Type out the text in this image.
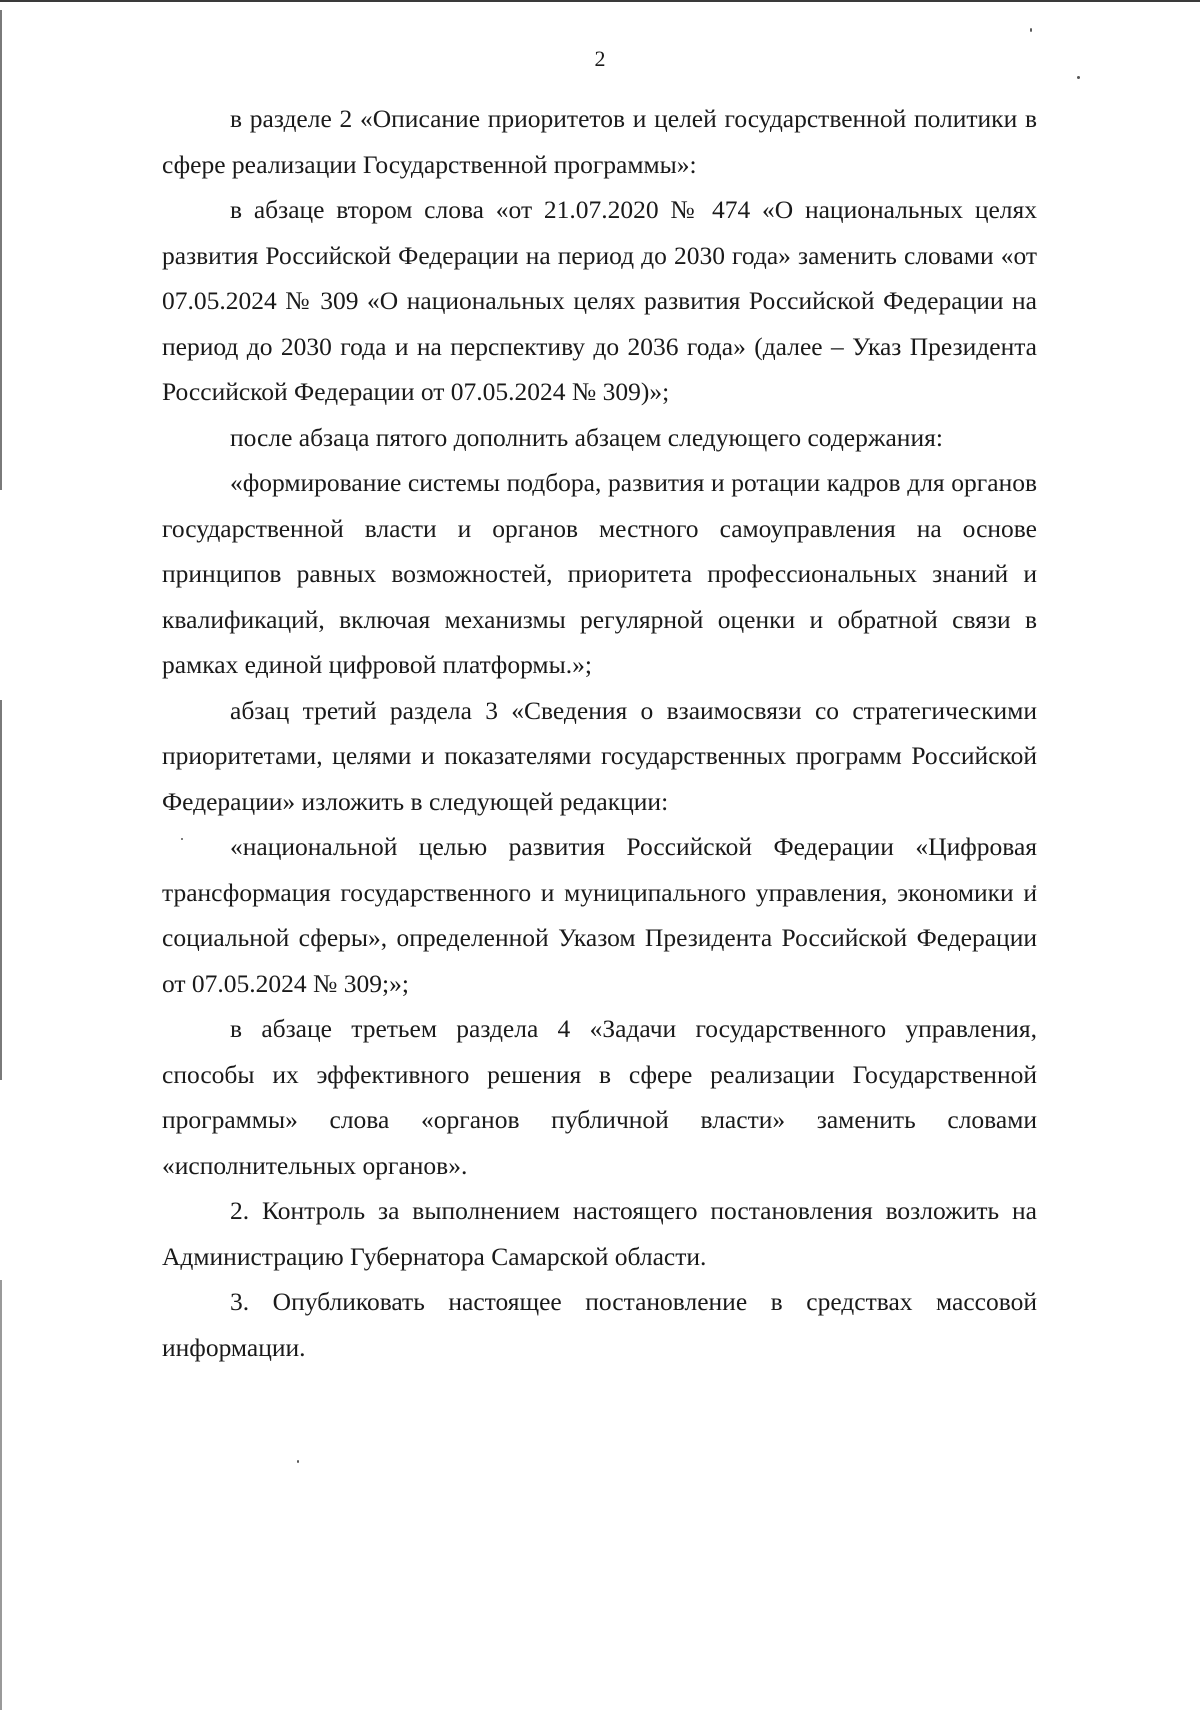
2

в разделе 2 «Описание приоритетов и целей государственной политики в сфере реализации Государственной программы»:

в абзаце втором слова «от 21.07.2020 № 474 «О национальных целях развития Российской Федерации на период до 2030 года» заменить словами «от 07.05.2024 № 309 «О национальных целях развития Российской Федерации на период до 2030 года и на перспективу до 2036 года» (далее – Указ Президента Российской Федерации от 07.05.2024 № 309)»;

после абзаца пятого дополнить абзацем следующего содержания:

«формирование системы подбора, развития и ротации кадров для органов государственной власти и органов местного самоуправления на основе принципов равных возможностей, приоритета профессиональных знаний и квалификаций, включая механизмы регулярной оценки и обратной связи в рамках единой цифровой платформы.»;

абзац третий раздела 3 «Сведения о взаимосвязи со стратегическими приоритетами, целями и показателями государственных программ Российской Федерации» изложить в следующей редакции:

«национальной целью развития Российской Федерации «Цифровая трансформация государственного и муниципального управления, экономики и социальной сферы», определенной Указом Президента Российской Федерации от 07.05.2024 № 309;»;

в абзаце третьем раздела 4 «Задачи государственного управления, способы их эффективного решения в сфере реализации Государственной программы» слова «органов публичной власти» заменить словами «исполнительных органов».

2. Контроль за выполнением настоящего постановления возложить на Администрацию Губернатора Самарской области.

3. Опубликовать настоящее постановление в средствах массовой информации.
